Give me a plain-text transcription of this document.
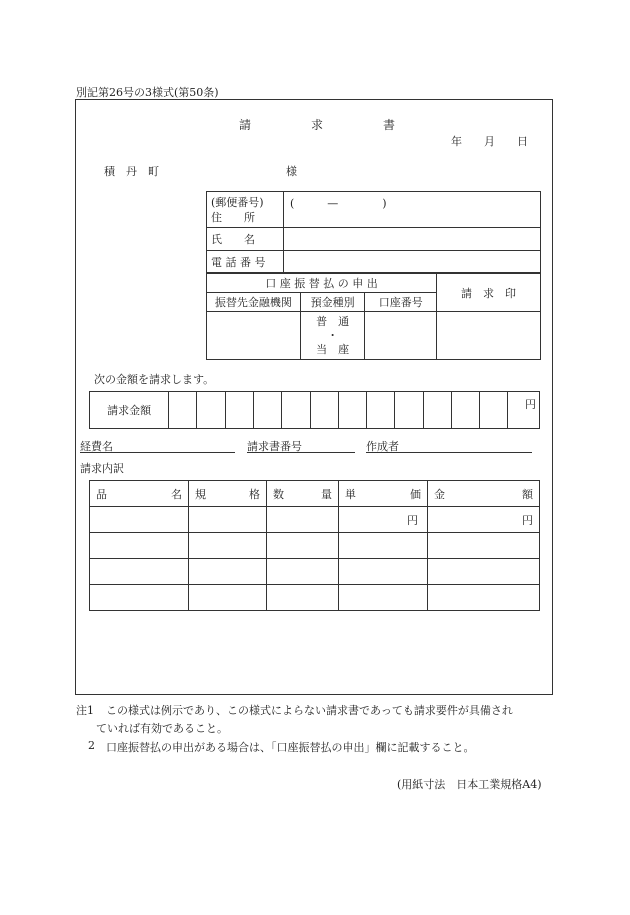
別記第26号の3様式(第50条)
請　　　　　求　　　　　書
年　　月　　日
積　丹　町	様
(郵便番号)
住　　所	(　　　—　　　　)
氏　　名	
電 話 番 号	
口 座 振 替 払 の 申 出			請　求　印
振替先金融機関	預金種別	口座番号	

	普　通
・
当　座		

次の金額を請求します。
請求金額													円
経費名	請求書番号	作成者
請求内訳
品 名	規 格	数 量	単 価	金 額

			円	円

注1 この様式は例示であり、この様式によらない請求書であっても請求要件が具備され
ていれば有効であること。
2 口座振替払の申出がある場合は、「口座振替払の申出」欄に記載すること。
(用紙寸法　日本工業規格A4)
